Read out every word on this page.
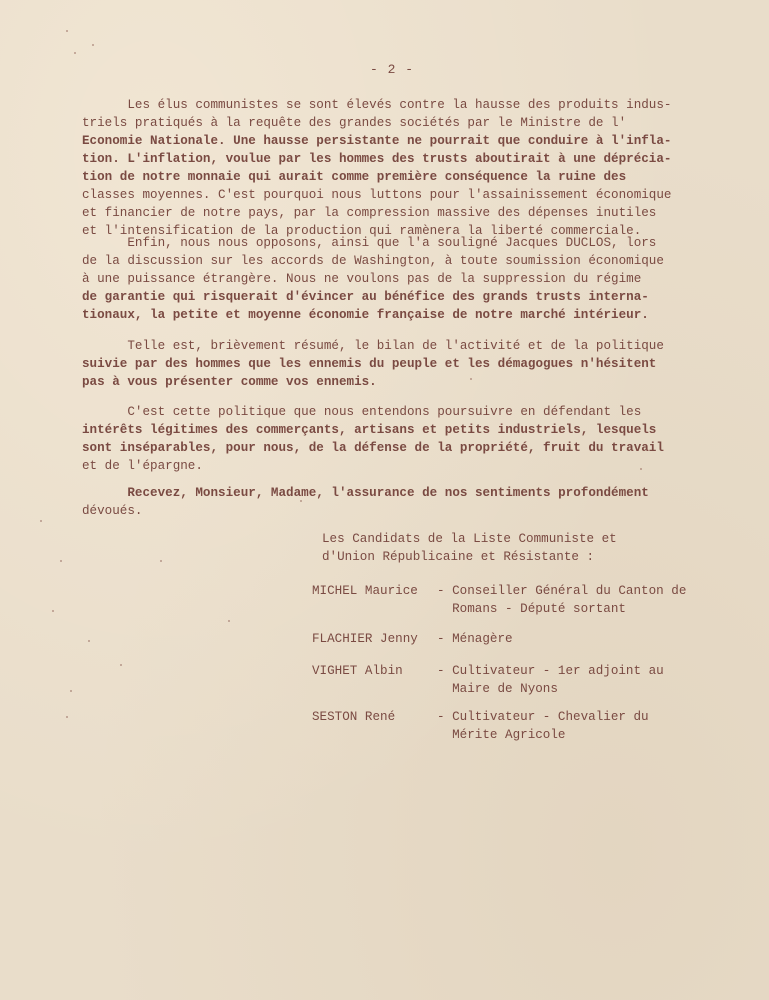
- 2 -
Les élus communistes se sont élevés contre la hausse des produits indus-
triels pratiqués à la requête des grandes sociétés par le Ministre de l'
Economie Nationale. Une hausse persistante ne pourrait que conduire à l'infla-
tion. L'inflation, voulue par les hommes des trusts aboutirait à une déprécia-
tion de notre monnaie qui aurait comme première conséquence la ruine des
classes moyennes. C'est pourquoi nous luttons pour l'assainissement économique
et financier de notre pays, par la compression massive des dépenses inutiles
et l'intensification de la production qui ramènera la liberté commerciale.
Enfin, nous nous opposons, ainsi que l'a souligné Jacques DUCLOS, lors
de la discussion sur les accords de Washington, à toute soumission économique
à une puissance étrangère. Nous ne voulons pas de la suppression du régime
de garantie qui risquerait d'évincer au bénéfice des grands trusts interna-
tionaux, la petite et moyenne économie française de notre marché intérieur.
Telle est, brièvement résumé, le bilan de l'activité et de la politique
suivie par des hommes que les ennemis du peuple et les démagogues n'hésitent
pas à vous présenter comme vos ennemis.
C'est cette politique que nous entendons poursuivre en défendant les
intérêts légitimes des commerçants, artisans et petits industriels, lesquels
sont inséparables, pour nous, de la défense de la propriété, fruit du travail
et de l'épargne.
Recevez, Monsieur, Madame, l'assurance de nos sentiments profondément
dévoués.
Les Candidats de la Liste Communiste et
d'Union Républicaine et Résistante :
MICHEL Maurice - Conseiller Général du Canton de
Romans - Député sortant
FLACHIER Jenny - Ménagère
VIGHET Albin	- Cultivateur - 1er adjoint au
Maire de Nyons
SESTON René	- Cultivateur - Chevalier du
Mérite Agricole
